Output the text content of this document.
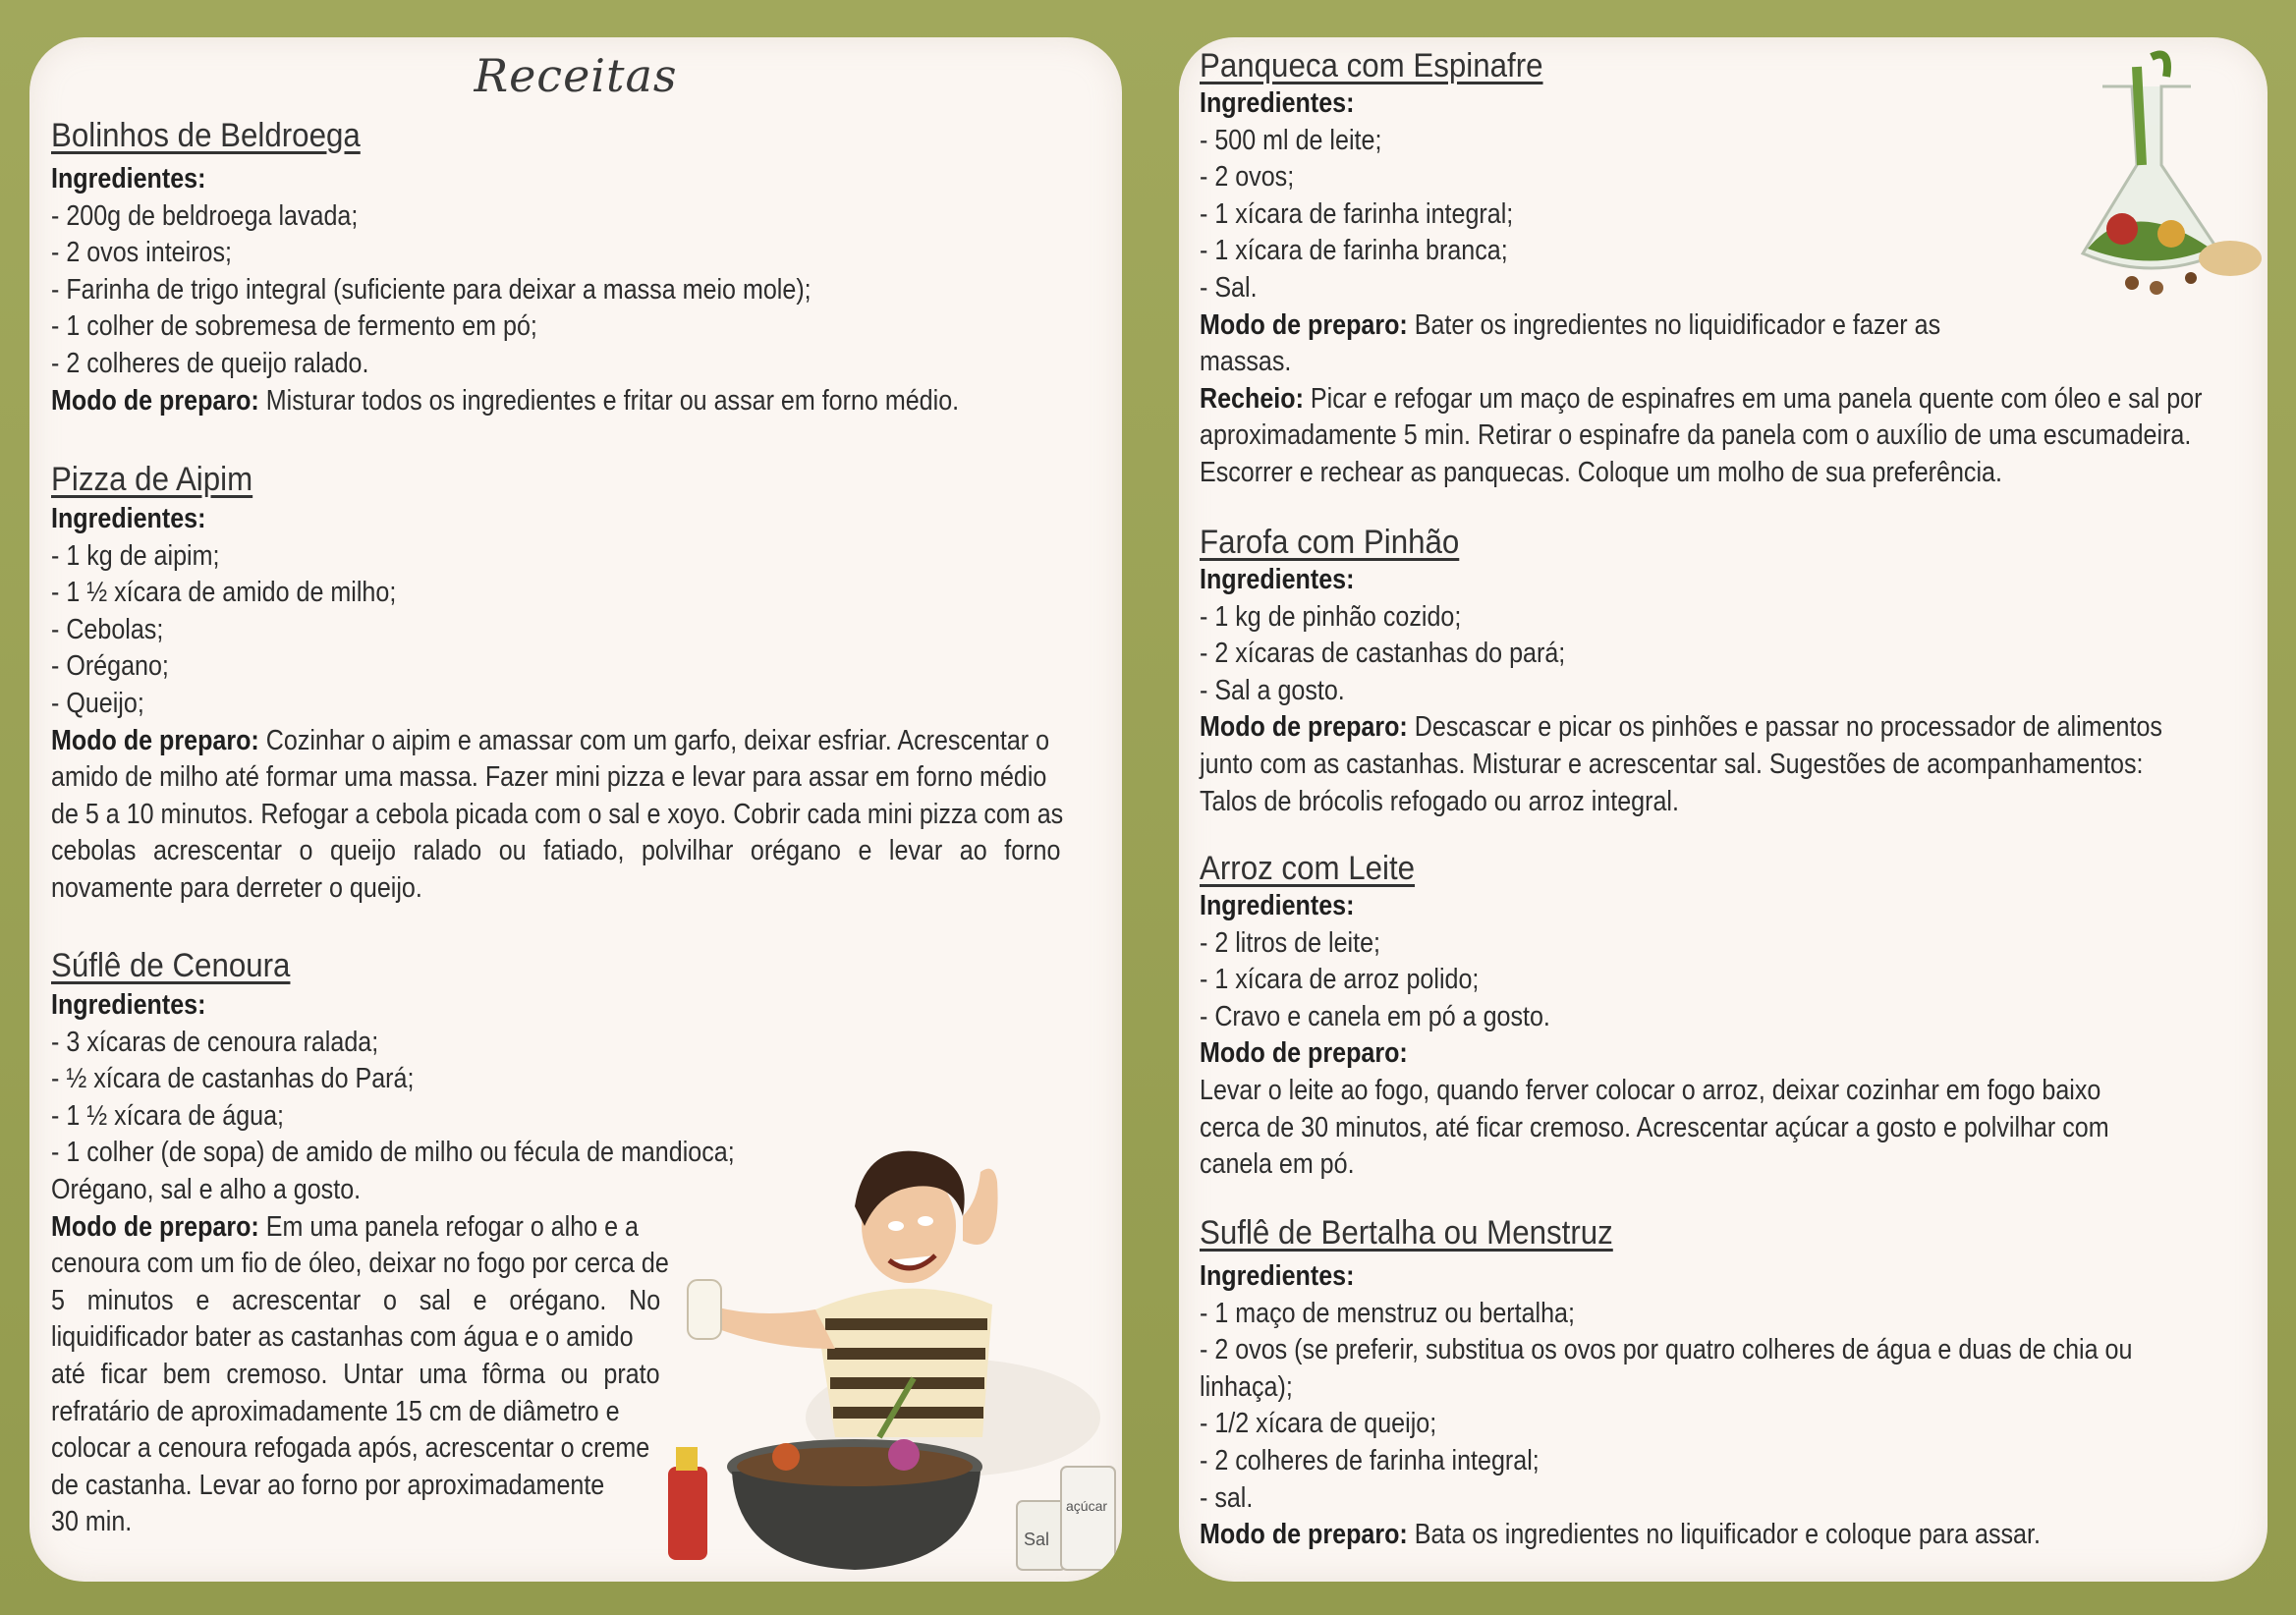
Receitas

Bolinhos de Beldroega

Ingredientes:

- 200g de beldroega lavada;

- 2 ovos inteiros;

- Farinha de trigo integral (suficiente para deixar a massa meio mole);

- 1 colher de sobremesa de fermento em pó;

- 2 colheres de queijo ralado.

Modo de preparo: Misturar todos os ingredientes e fritar ou assar em forno médio.

Pizza de Aipim

Ingredientes:

- 1 kg de aipim;

- 1 ½ xícara de amido de milho;

- Cebolas;

- Orégano;

- Queijo;

Modo de preparo: Cozinhar o aipim e amassar com um garfo, deixar esfriar. Acrescentar o

amido de milho até formar uma massa. Fazer mini pizza e levar para assar em forno médio

de 5 a 10 minutos. Refogar a cebola picada com o sal e xoyo. Cobrir cada mini pizza com as

cebolas acrescentar o queijo ralado ou fatiado, polvilhar orégano e levar ao forno

novamente para derreter o queijo.

Súflê de Cenoura

Ingredientes:

- 3 xícaras de cenoura ralada;

- ½ xícara de castanhas do Pará;

- 1 ½ xícara de água;

- 1 colher (de sopa) de amido de milho ou fécula de mandioca;

Orégano, sal e alho a gosto.

Modo de preparo: Em uma panela refogar o alho e a

cenoura com um fio de óleo, deixar no fogo por cerca de

5 minutos e acrescentar o sal e orégano. No

liquidificador bater as castanhas com água e o amido

até ficar bem cremoso. Untar uma fôrma ou prato

refratário de aproximadamente 15 cm de diâmetro e

colocar a cenoura refogada após, acrescentar o creme

de castanha. Levar ao forno por aproximadamente

30 min.

Sal
açúcar

Panqueca com Espinafre

Ingredientes:

- 500 ml de leite;

- 2 ovos;

- 1 xícara de farinha integral;

- 1 xícara de farinha branca;

- Sal.

Modo de preparo: Bater os ingredientes no liquidificador e fazer as

massas.

Recheio: Picar e refogar um maço de espinafres em uma panela quente com óleo e sal por

aproximadamente 5 min. Retirar o espinafre da panela com o auxílio de uma escumadeira.

Escorrer e rechear as panquecas. Coloque um molho de sua preferência.

Farofa com Pinhão

Ingredientes:

- 1 kg de pinhão cozido;

- 2 xícaras de castanhas do pará;

- Sal a gosto.

Modo de preparo: Descascar e picar os pinhões e passar no processador de alimentos

junto com as castanhas. Misturar e acrescentar sal. Sugestões de acompanhamentos:

Talos de brócolis refogado ou arroz integral.

Arroz com Leite

Ingredientes:

- 2 litros de leite;

- 1 xícara de arroz polido;

- Cravo e canela em pó a gosto.

Modo de preparo:

Levar o leite ao fogo, quando ferver colocar o arroz, deixar cozinhar em fogo baixo

cerca de 30 minutos, até ficar cremoso. Acrescentar açúcar a gosto e polvilhar com

canela em pó.

Suflê de Bertalha ou Menstruz

Ingredientes:

- 1 maço de menstruz ou bertalha;

- 2 ovos (se preferir, substitua os ovos por quatro colheres de água e duas de chia ou

linhaça);

- 1/2 xícara de queijo;

- 2 colheres de farinha integral;

- sal.

Modo de preparo: Bata os ingredientes no liquificador e coloque para assar.
